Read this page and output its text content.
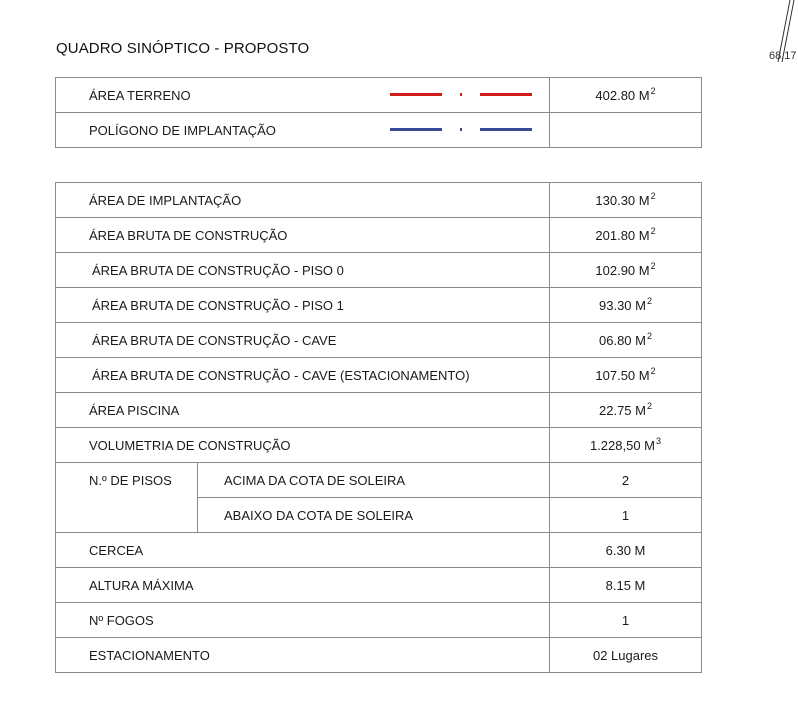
QUADRO SINÓPTICO - PROPOSTO	68.17
ÁREA TERRENO	402.80 $M^2$
POLÍGONO DE IMPLANTAÇÃO

ÁREA DE IMPLANTAÇÃO		130.30 $M^2$
ÁREA BRUTA DE CONSTRUÇÃO		201.80 $M^2$
ÁREA BRUTA DE CONSTRUÇÃO - PISO 0		102.90 $M^2$
ÁREA BRUTA DE CONSTRUÇÃO - PISO 1		93.30 $M^2$
ÁREA BRUTA DE CONSTRUÇÃO - CAVE		06.80 $M^2$
ÁREA BRUTA DE CONSTRUÇÃO - CAVE (ESTACIONAMENTO)		107.50 $M^2$
ÁREA PISCINA		22.75 $M^2$
VOLUMETRIA DE CONSTRUÇÃO		1.228,50 $M^3$
N.º DE PISOS	ACIMA DA COTA DE SOLEIRA	2
	ABAIXO DA COTA DE SOLEIRA	1
CERCEA		6.30 M
ALTURA MÁXIMA		8.15 M
Nº FOGOS		1
ESTACIONAMENTO		02 Lugares
